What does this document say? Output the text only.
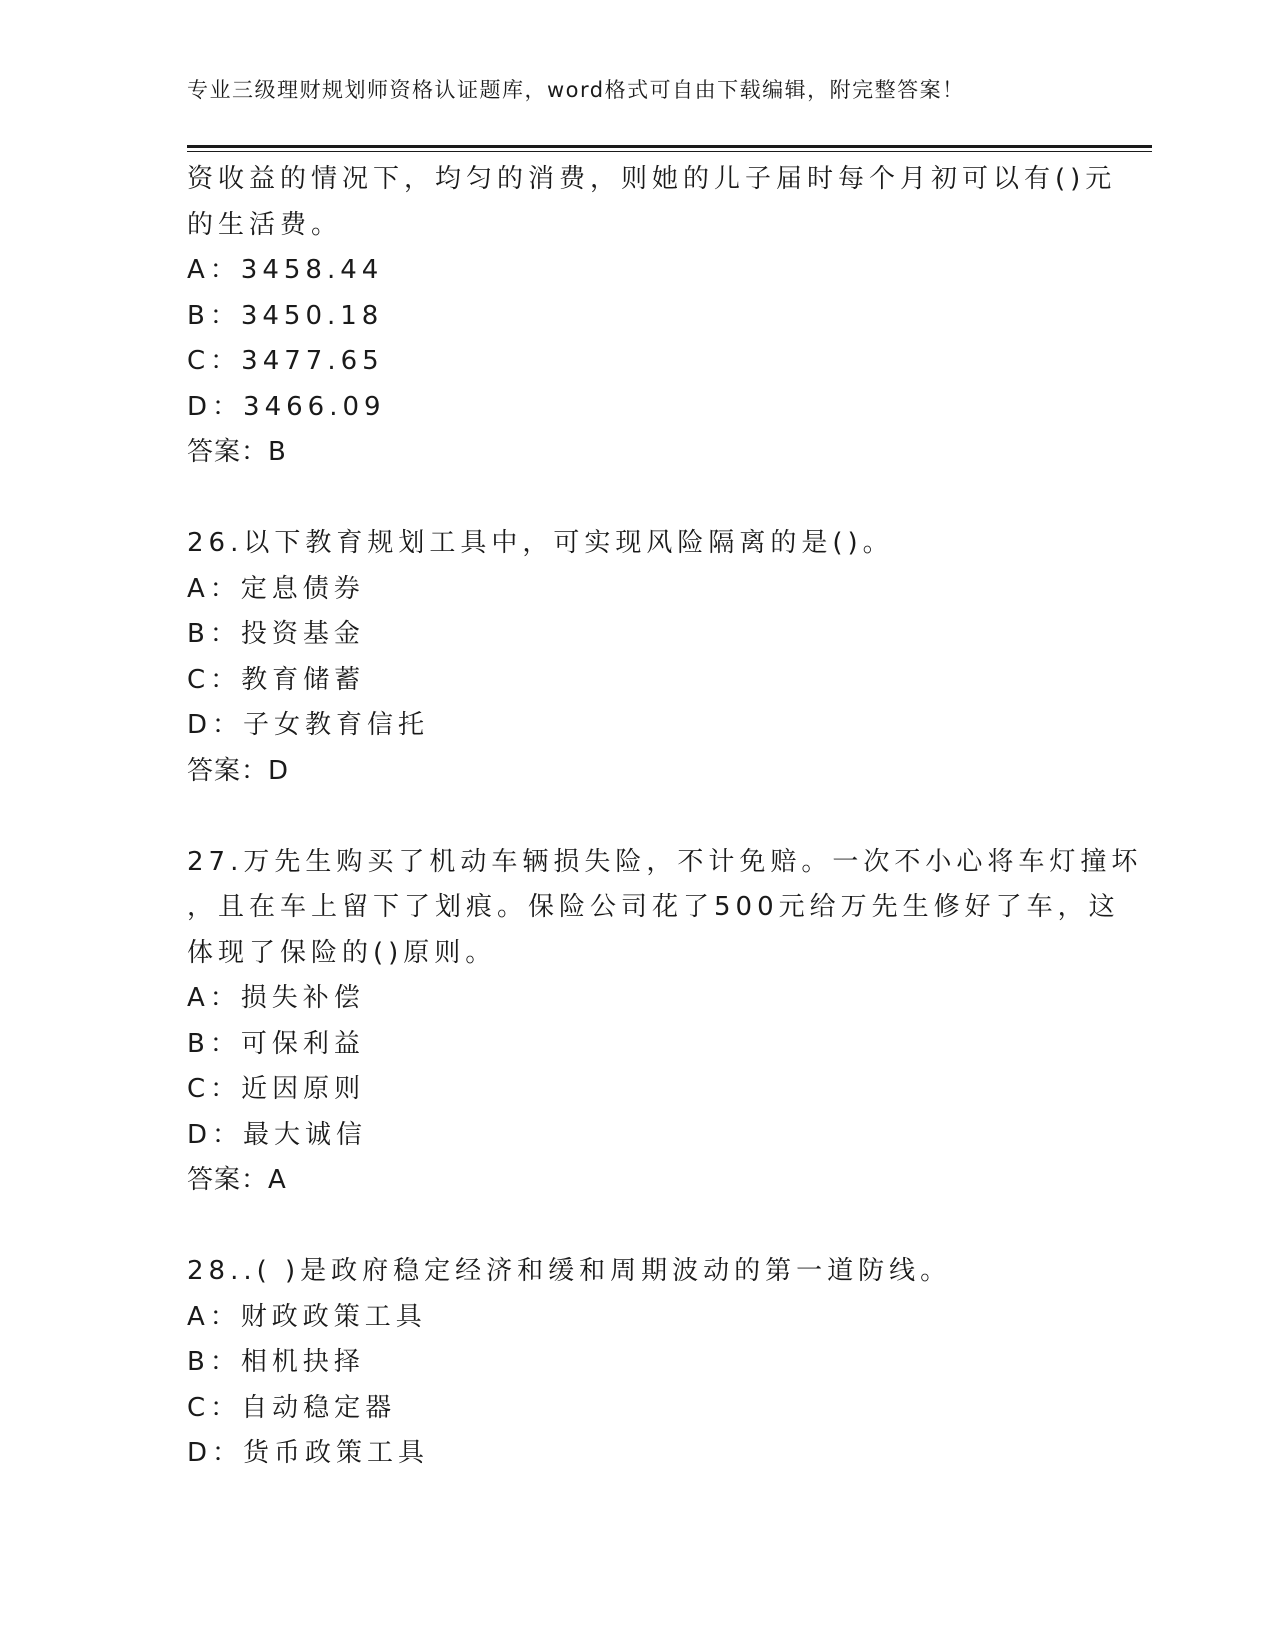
专业三级理财规划师资格认证题库，word格式可自由下载编辑，附完整答案！
资收益的情况下，均匀的消费，则她的儿子届时每个月初可以有()元
的生活费。
A：3458.44
B：3450.18
C：3477.65
D：3466.09
答案：B
26.以下教育规划工具中，可实现风险隔离的是()。
A：定息债券
B：投资基金
C：教育储蓄
D：子女教育信托
答案：D
27.万先生购买了机动车辆损失险，不计免赔。一次不小心将车灯撞坏
，且在车上留下了划痕。保险公司花了500元给万先生修好了车，这
体现了保险的()原则。
A：损失补偿
B：可保利益
C：近因原则
D：最大诚信
答案：A
28..( )是政府稳定经济和缓和周期波动的第一道防线。
A：财政政策工具
B：相机抉择
C：自动稳定器
D：货币政策工具
